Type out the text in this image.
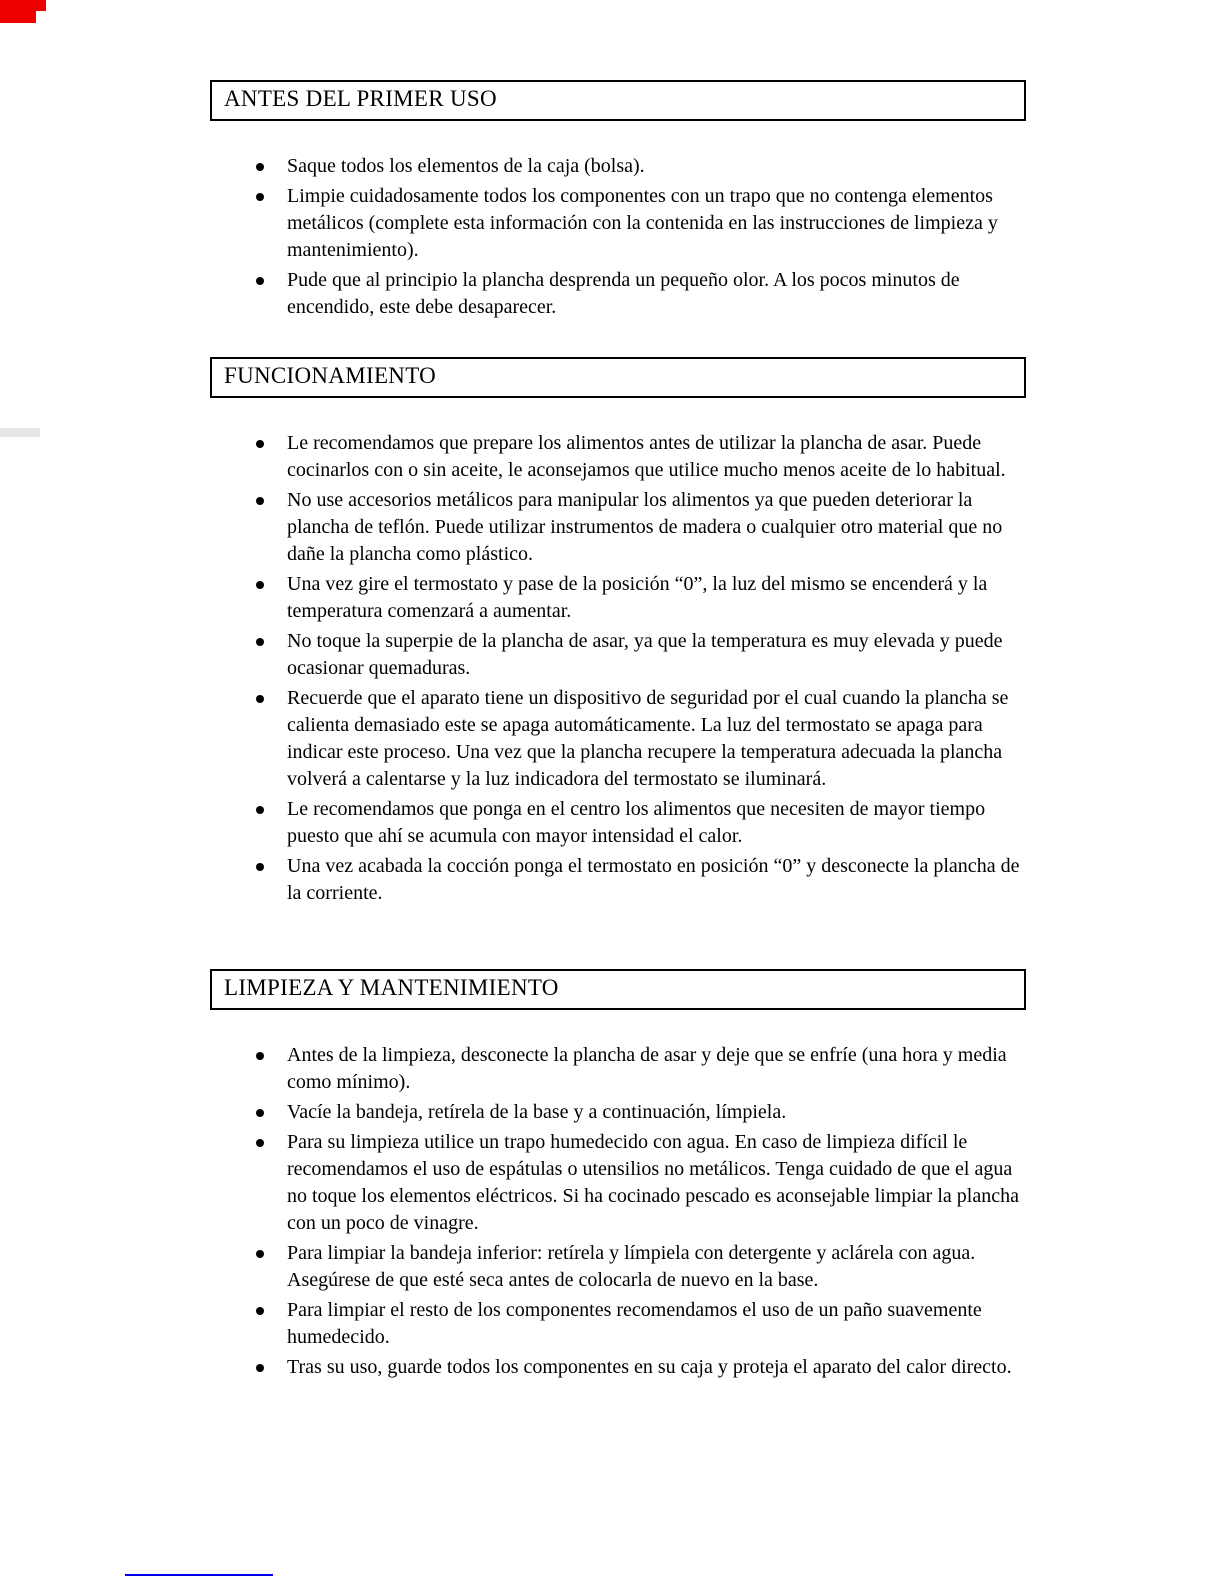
ANTES DEL PRIMER USO
Saque todos los elementos de la caja (bolsa).
Limpie cuidadosamente todos los componentes con un trapo que no contenga elementos metálicos (complete esta información con la contenida en las instrucciones de limpieza y mantenimiento).
Pude que al principio la plancha desprenda un pequeño olor. A los pocos minutos de encendido, este debe desaparecer.
FUNCIONAMIENTO
Le recomendamos que prepare los alimentos antes de utilizar la plancha de asar. Puede cocinarlos con o sin aceite, le aconsejamos que utilice mucho menos aceite de lo habitual.
No use accesorios metálicos para manipular los alimentos ya que pueden deteriorar la plancha de teflón. Puede utilizar instrumentos de madera o cualquier otro material que no dañe la plancha como plástico.
Una vez gire el termostato y pase de la posición “0”, la luz del mismo se encenderá y la temperatura comenzará a aumentar.
No toque la superpie de la plancha de asar, ya que la temperatura es muy elevada y puede ocasionar quemaduras.
Recuerde que el aparato tiene un dispositivo de seguridad por el cual cuando la plancha se calienta demasiado este se apaga automáticamente. La luz del termostato se apaga para indicar este proceso. Una vez que la plancha recupere la temperatura adecuada la plancha volverá a calentarse y la luz indicadora del termostato se iluminará.
Le recomendamos que ponga en el centro los alimentos que necesiten de mayor tiempo puesto que ahí se acumula con mayor intensidad el calor.
Una vez acabada la cocción ponga el termostato en posición “0” y desconecte la plancha de la corriente.
LIMPIEZA Y MANTENIMIENTO
Antes de la limpieza, desconecte la plancha de asar y deje que se enfríe (una hora y media como mínimo).
Vacíe la bandeja, retírela de la base y a continuación, límpiela.
Para su limpieza utilice un trapo humedecido con agua. En caso de limpieza difícil le recomendamos el uso de espátulas o utensilios no metálicos. Tenga cuidado de que el agua no toque los elementos eléctricos. Si ha cocinado pescado es aconsejable limpiar la plancha con un poco de vinagre.
Para limpiar la bandeja inferior: retírela y límpiela con detergente y aclárela con agua. Asegúrese de que esté seca antes de colocarla de nuevo en la base.
Para limpiar el resto de los componentes recomendamos el uso de un paño suavemente humedecido.
Tras su uso, guarde todos los componentes en su caja y proteja el aparato del calor directo.
